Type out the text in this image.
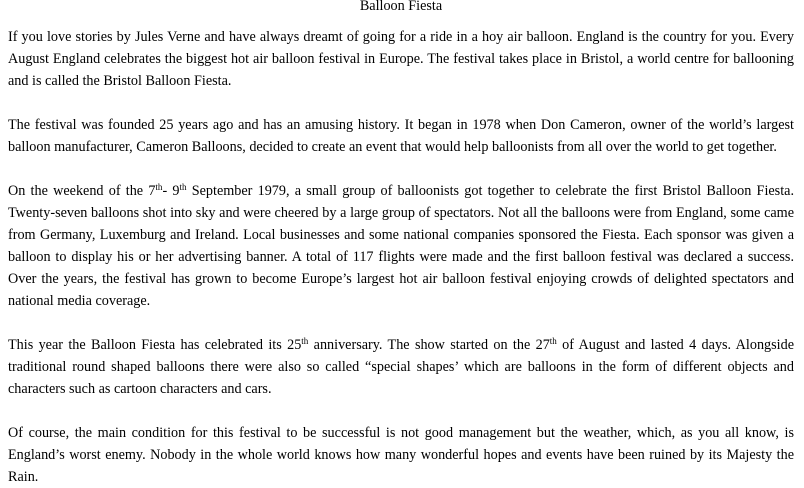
Balloon Fiesta

If you love stories by Jules Verne and have always dreamt of going for a ride in a hoy air balloon. England is the country for you. Every August England celebrates the biggest hot air balloon festival in Europe. The festival takes place in Bristol, a world centre for ballooning and is called the Bristol Balloon Fiesta.

The festival was founded 25 years ago and has an amusing history. It began in 1978 when Don Cameron, owner of the world’s largest balloon manufacturer, Cameron Balloons, decided to create an event that would help balloonists from all over the world to get together.

On the weekend of the 7th- 9th September 1979, a small group of balloonists got together to celebrate the first Bristol Balloon Fiesta. Twenty-seven balloons shot into sky and were cheered by a large group of spectators. Not all the balloons were from England, some came from Germany, Luxemburg and Ireland. Local businesses and some national companies sponsored the Fiesta. Each sponsor was given a balloon to display his or her advertising banner. A total of 117 flights were made and the first balloon festival was declared a success. Over the years, the festival has grown to become Europe’s largest hot air balloon festival enjoying crowds of delighted spectators and national media coverage.

This year the Balloon Fiesta has celebrated its 25th anniversary. The show started on the 27th of August and lasted 4 days. Alongside traditional round shaped balloons there were also so called “special shapes’ which are balloons in the form of different objects and characters such as cartoon characters and cars.

Of course, the main condition for this festival to be successful is not good management but the weather, which, as you all know, is England’s worst enemy. Nobody in the whole world knows how many wonderful hopes and events have been ruined by its Majesty the Rain.
